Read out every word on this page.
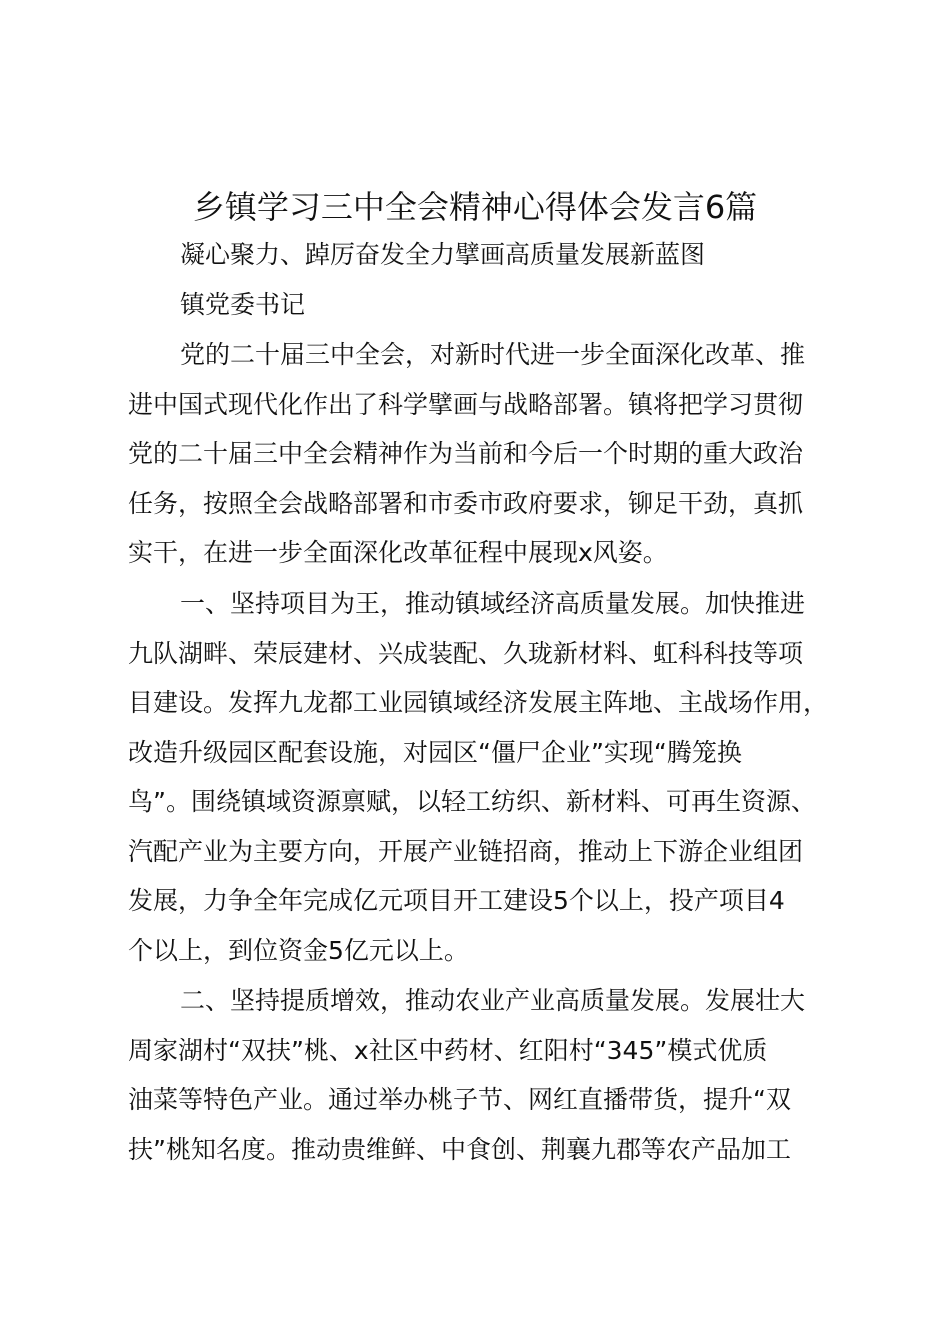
乡镇学习三中全会精神心得体会发言6篇
凝心聚力、踔厉奋发全力擘画高质量发展新蓝图
镇党委书记
党的二十届三中全会，对新时代进一步全面深化改革、推
进中国式现代化作出了科学擘画与战略部署。镇将把学习贯彻
党的二十届三中全会精神作为当前和今后一个时期的重大政治
任务，按照全会战略部署和市委市政府要求，铆足干劲，真抓
实干，在进一步全面深化改革征程中展现x风姿。
一、坚持项目为王，推动镇域经济高质量发展。加快推进
九队湖畔、荣辰建材、兴成装配、久珑新材料、虹科科技等项
目建设。发挥九龙都工业园镇域经济发展主阵地、主战场作用，
改造升级园区配套设施，对园区“僵尸企业”实现“腾笼换
鸟”。围绕镇域资源禀赋，以轻工纺织、新材料、可再生资源、
汽配产业为主要方向，开展产业链招商，推动上下游企业组团
发展，力争全年完成亿元项目开工建设5个以上，投产项目4
个以上，到位资金5亿元以上。
二、坚持提质增效，推动农业产业高质量发展。发展壮大
周家湖村“双扶”桃、x社区中药材、红阳村“345”模式优质
油菜等特色产业。通过举办桃子节、网红直播带货，提升“双
扶”桃知名度。推动贵维鲜、中食创、荆襄九郡等农产品加工
